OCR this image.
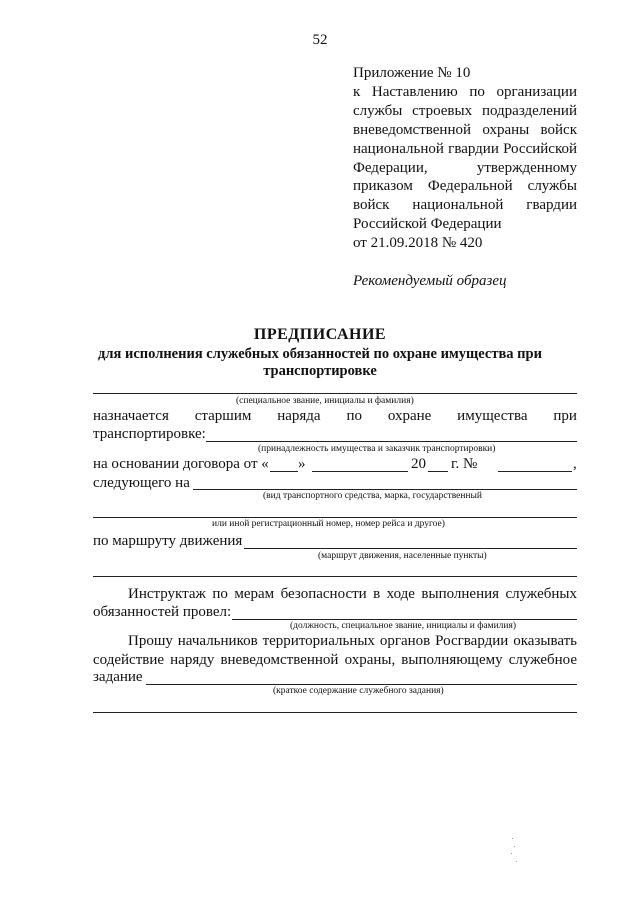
52
Приложение № 10
к Наставлению по организации
службы строевых подразделений
вневедомственной охраны войск
национальной гвардии Российской
Федерации, утвержденному
приказом Федеральной службы
войск национальной гвардии
Российской Федерации
от 21.09.2018 № 420
Рекомендуемый образец
ПРЕДПИСАНИЕ
для исполнения служебных обязанностей по охране имущества при
транспортировке
(специальное звание, инициалы и фамилия)
назначается старшим наряда по охране имущества при
транспортировке:
(принадлежность имущества и заказчик транспортировки)
на основании договора от « »	20 г. №	,
следующего на
(вид транспортного средства, марка, государственный
или иной регистрационный номер, номер рейса и другое)
по маршруту движения
(маршрут движения, населенные пункты)
Инструктаж по мерам безопасности в ходе выполнения служебных
обязанностей провел:
(должность, специальное звание, инициалы и фамилия)
Прошу начальников территориальных органов Росгвардии оказывать
содействие наряду вневедомственной охраны, выполняющему служебное
задание
(краткое содержание служебного задания)
